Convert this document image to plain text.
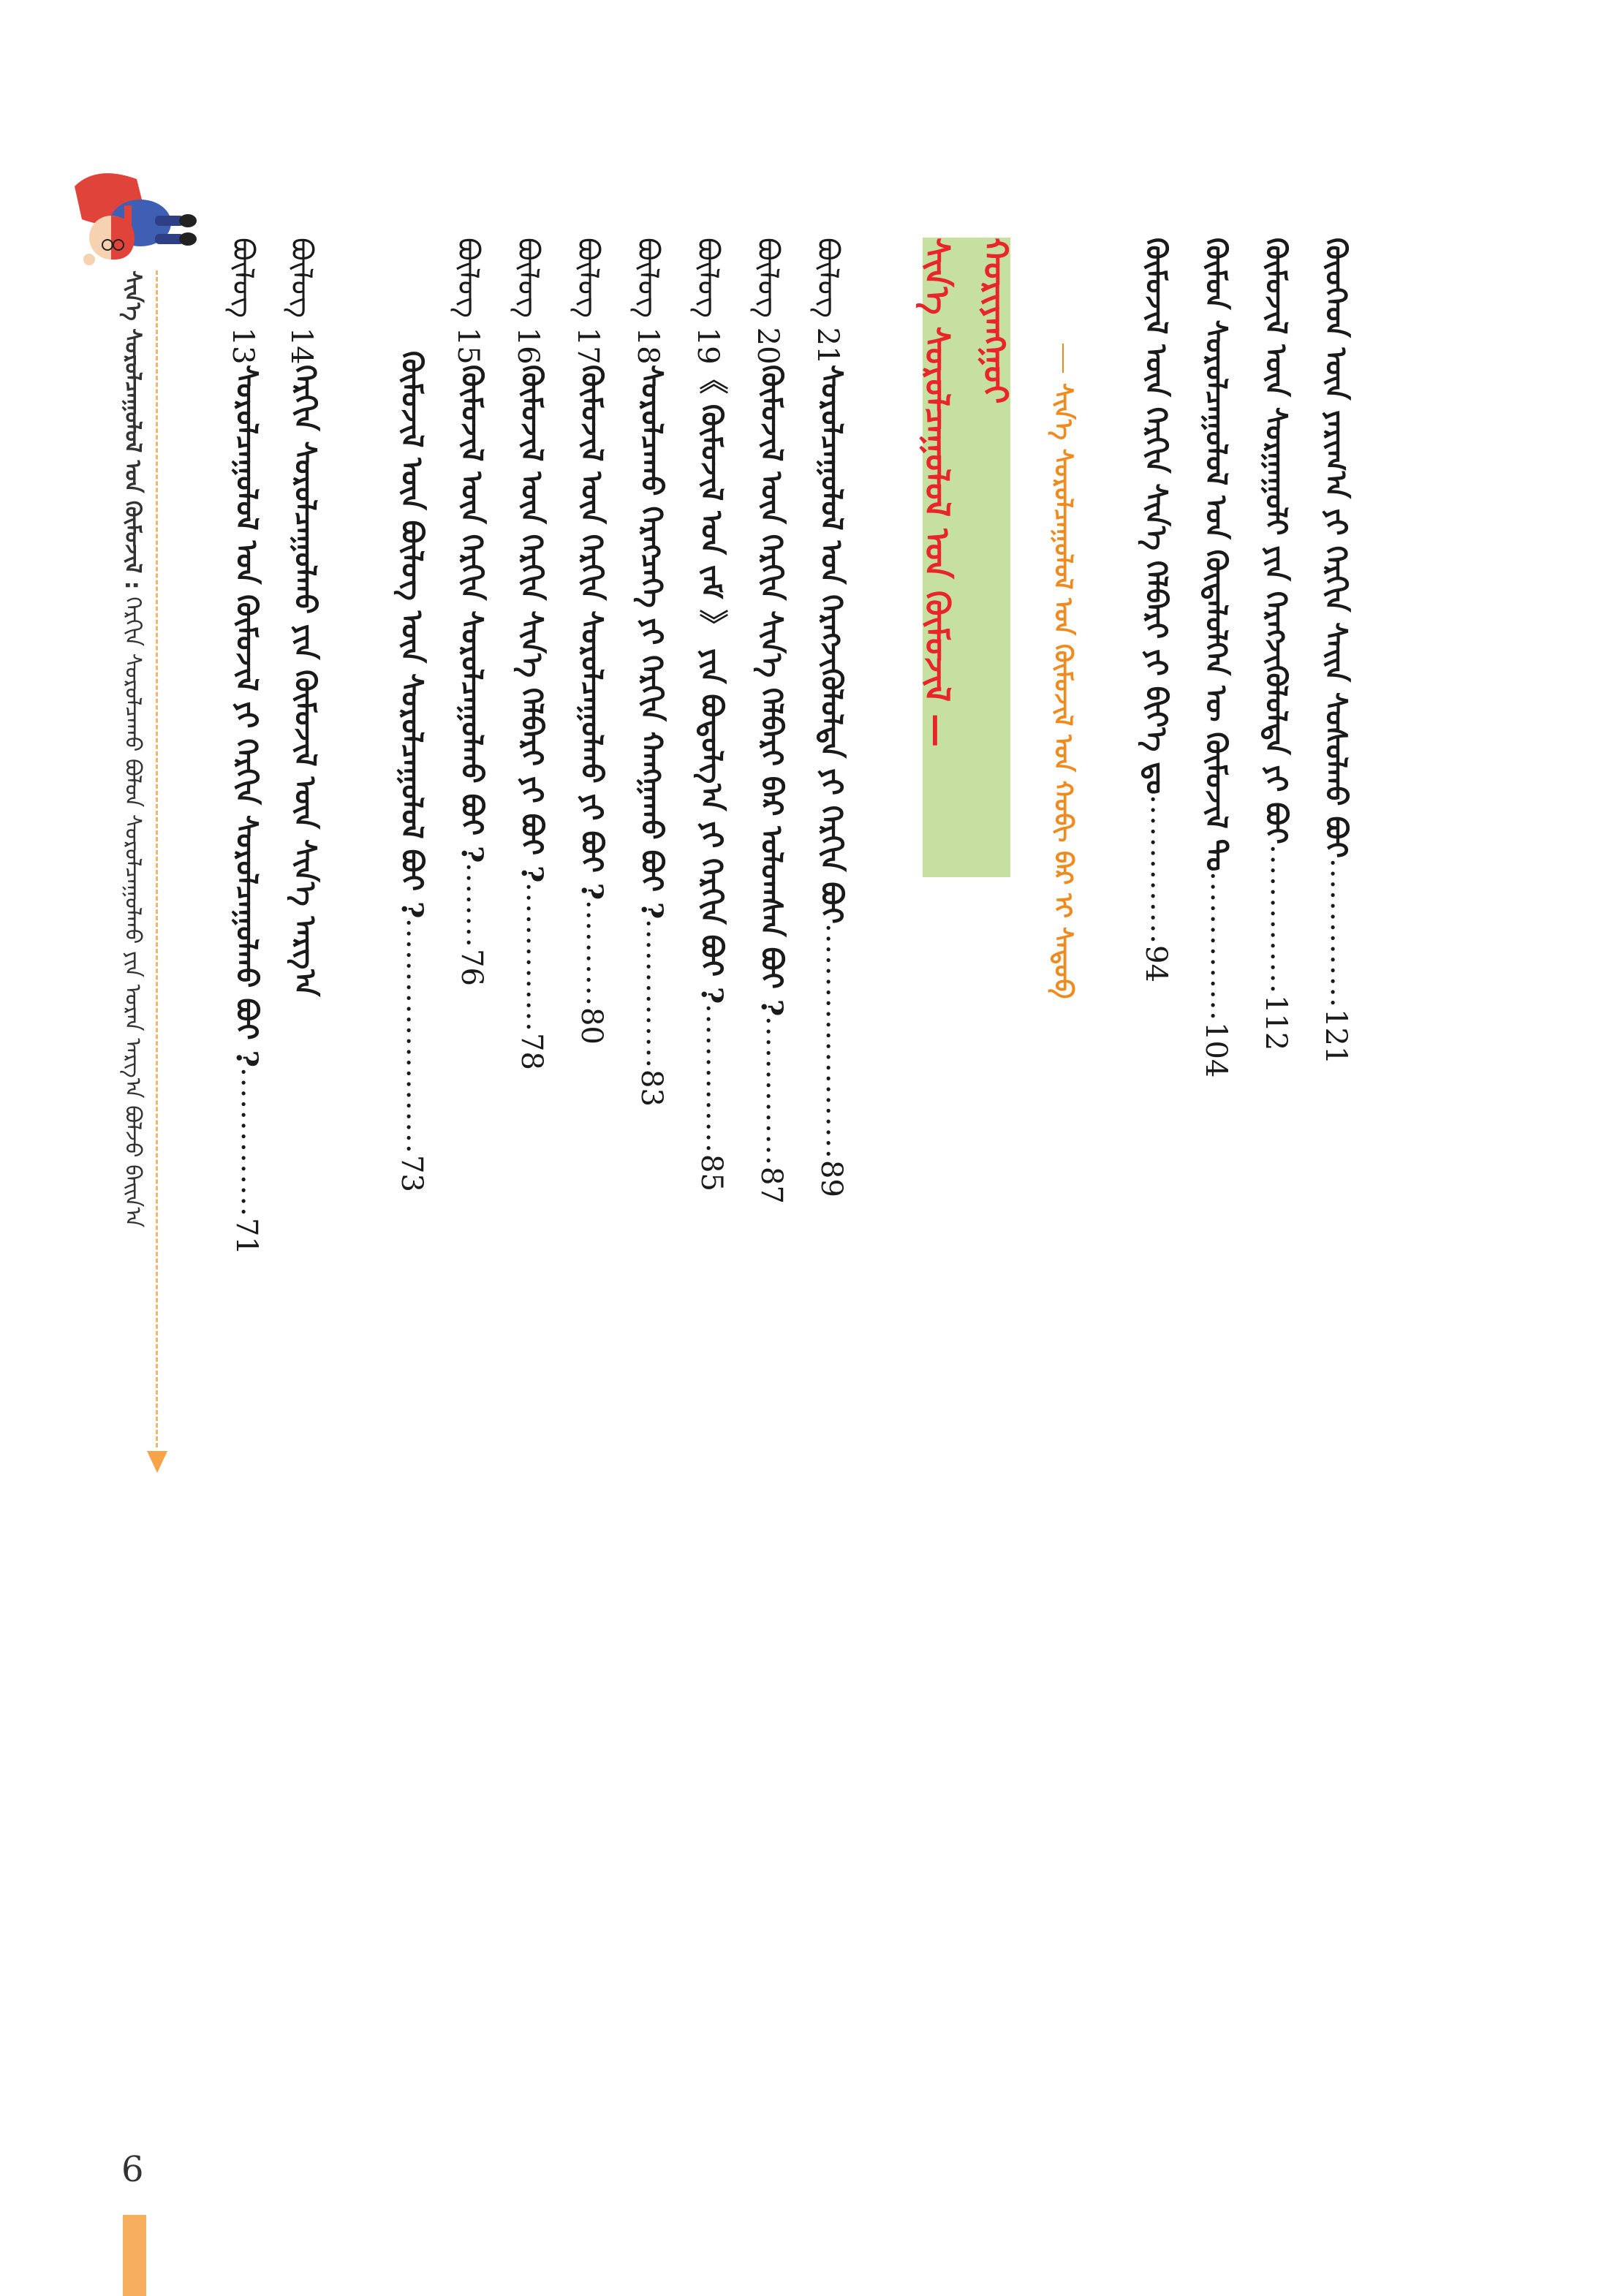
ᠬᠦᠦᠬᠡᠳ ᠦᠨ ᠶᠠᠷᠢᠭ᠎ᠠ ᠶᠢ ᠬᠡᠷᠬᠢᠨ ᠰᠠᠢᠨ ᠰᠤᠰᠤᠯᠬᠤ ᠪᠤᠢ
..............
121
ᠬᠦᠮᠦᠵᠢᠯ ᠦᠨ ᠰᠤᠷᠭᠠᠭᠤᠯᠢ ᠶᠢᠨ ᠬᠡᠷᠡᠭᠵᠢᠭᠦᠯᠦᠯᠲᠡ ᠶᠢ ᠪᠤᠢ
..............
112
ᠬᠦᠮᠦᠨ ᠰᠤᠷᠤᠯᠴᠠᠭᠤᠯᠤᠯ ᠤᠨ ᠬᠦᠳᠡᠯᠦᠯᠭᠡᠨ ᠦ ᠬᠦᠮᠦᠵᠢᠯ ᠲᠤ
..............
104
ᠬᠦᠮᠦᠵᠢᠯ ᠦᠨ ᠬᠡᠷᠬᠢᠨ ᠰᠢᠨ᠎ᠡ ᠬᠡᠯᠪᠡᠷᠢ ᠶᠢ ᠪᠢᠶ᠎ᠡ ᠳᠤ
..............
94
ᠰᠢᠨ᠎ᠡ ᠰᠤᠷᠤᠯᠴᠠᠭᠤᠯᠤᠯ ᠤᠨ ᠬᠦᠮᠦᠵᠢᠯ ᠤᠨ ᠬᠣᠪᠢ ᠪᠡᠷ ᠢ ᠰᠡᠳᠦᠪ
ᠰᠢᠨ᠎ᠡ ᠰᠤᠷᠤᠯᠴᠠᠭᠤᠯᠤᠯ ᠤᠨ ᠬᠦᠮᠦᠵᠢᠯ — ᠬᠤᠷᠢᠶᠠᠩᠭᠤᠢ
ᠪᠦᠯᠦᠭ 21
ᠰᠤᠷᠤᠯᠴᠠᠭᠤᠯᠤᠯ ᠤᠨ ᠬᠡᠷᠡᠭᠵᠢᠭᠦᠯᠦᠯᠲᠡ ᠶᠢ ᠬᠡᠷᠬᠢᠨ ᠪᠤᠢ
......................
89
ᠪᠦᠯᠦᠭ 20
ᠬᠦᠮᠦᠵᠢᠯ ᠦᠨ ᠬᠡᠷᠬᠢᠨ ᠰᠢᠨ᠎ᠡ ᠬᠡᠯᠪᠡᠷᠢ ᠪᠠᠷ ᠤᠯᠤᠭᠰᠠᠨ ᠪᠤᠢ ?
..............
87
ᠪᠦᠯᠦᠭ 19
《 ᠬᠦᠮᠦᠵᠢᠯ ᠤᠨ ᠵᠠᠮ 》 ᠶᠢᠨ ᠪᠣᠳᠤᠯᠭ᠎ᠠ ᠶᠢ ᠬᠡᠷᠬᠢᠨ ᠪᠤᠢ ?
..............
85
ᠪᠦᠯᠦᠭ 18
ᠰᠤᠷᠤᠯᠴᠠᠬᠤ ᠬᠡᠷᠡᠭᠴᠡᠭᠡ ᠶᠢ ᠬᠡᠷᠬᠢᠨ ᠬᠠᠩᠭᠠᠬᠤ ᠪᠤᠢ ?
..............
83
ᠪᠦᠯᠦᠭ 17
ᠬᠦᠮᠦᠵᠢᠯ ᠦᠨ ᠬᠡᠷᠬᠢᠨ ᠰᠤᠷᠤᠯᠴᠠᠭᠤᠯᠬᠤ ᠶᠢ ᠪᠤᠢ ?
..........
80
ᠪᠦᠯᠦᠭ 16
ᠬᠦᠮᠦᠵᠢᠯ ᠦᠨ ᠬᠡᠷᠬᠢᠨ ᠰᠢᠨ᠎ᠡ ᠬᠡᠯᠪᠡᠷᠢ ᠶᠢ ᠪᠤᠢ ?
..............
78
ᠪᠦᠯᠦᠭ 15
ᠬᠦᠮᠦᠵᠢᠯ ᠦᠨ ᠬᠡᠷᠬᠢᠨ ᠰᠤᠷᠤᠯᠴᠠᠭᠤᠯᠬᠤ ᠪᠤᠢ ?
........
76
ᠬᠦᠮᠦᠵᠢᠯ ᠦᠨ ᠪᠦᠯᠦᠭ ᠦᠨ ᠰᠤᠷᠤᠯᠴᠠᠭᠤᠯᠤᠯ ᠪᠤᠢ ?
......................
73
ᠪᠦᠯᠦᠭ 14
ᠬᠡᠷᠬᠢᠨ ᠰᠤᠷᠤᠯᠴᠠᠭᠤᠯᠬᠤ ᠶᠢᠨ ᠬᠦᠮᠦᠵᠢᠯ ᠦᠨ ᠰᠢᠨ᠎ᠡ ᠠᠷᠭ᠎ᠠ
ᠪᠦᠯᠦᠭ 13
ᠰᠤᠷᠤᠯᠴᠠᠭᠤᠯᠤᠯ ᠤᠨ ᠬᠦᠮᠦᠵᠢᠯ ᠶᠢ ᠬᠡᠷᠬᠢᠨ ᠰᠤᠷᠤᠯᠴᠠᠭᠤᠯᠬᠤ ᠪᠤᠢ ?
..............
71
ᠰᠢᠨ᠎ᠡ ᠰᠤᠷᠤᠯᠴᠠᠭᠤᠯᠤᠯ ᠤᠨ ᠬᠦᠮᠦᠵᠢᠯ : ᠬᠡᠷᠬᠢᠨ ᠰᠤᠷᠤᠯᠴᠠᠬᠤ ᠪᠣᠯᠤᠨ ᠰᠤᠷᠤᠯᠴᠠᠭᠤᠯᠬᠤ ᠶᠢᠨ ᠤᠷᠠᠨ ᠠᠷᠭ᠎ᠠ ᠪᠤᠯᠵᠤ ᠪᠠᠢᠨ᠎ᠠ
6
